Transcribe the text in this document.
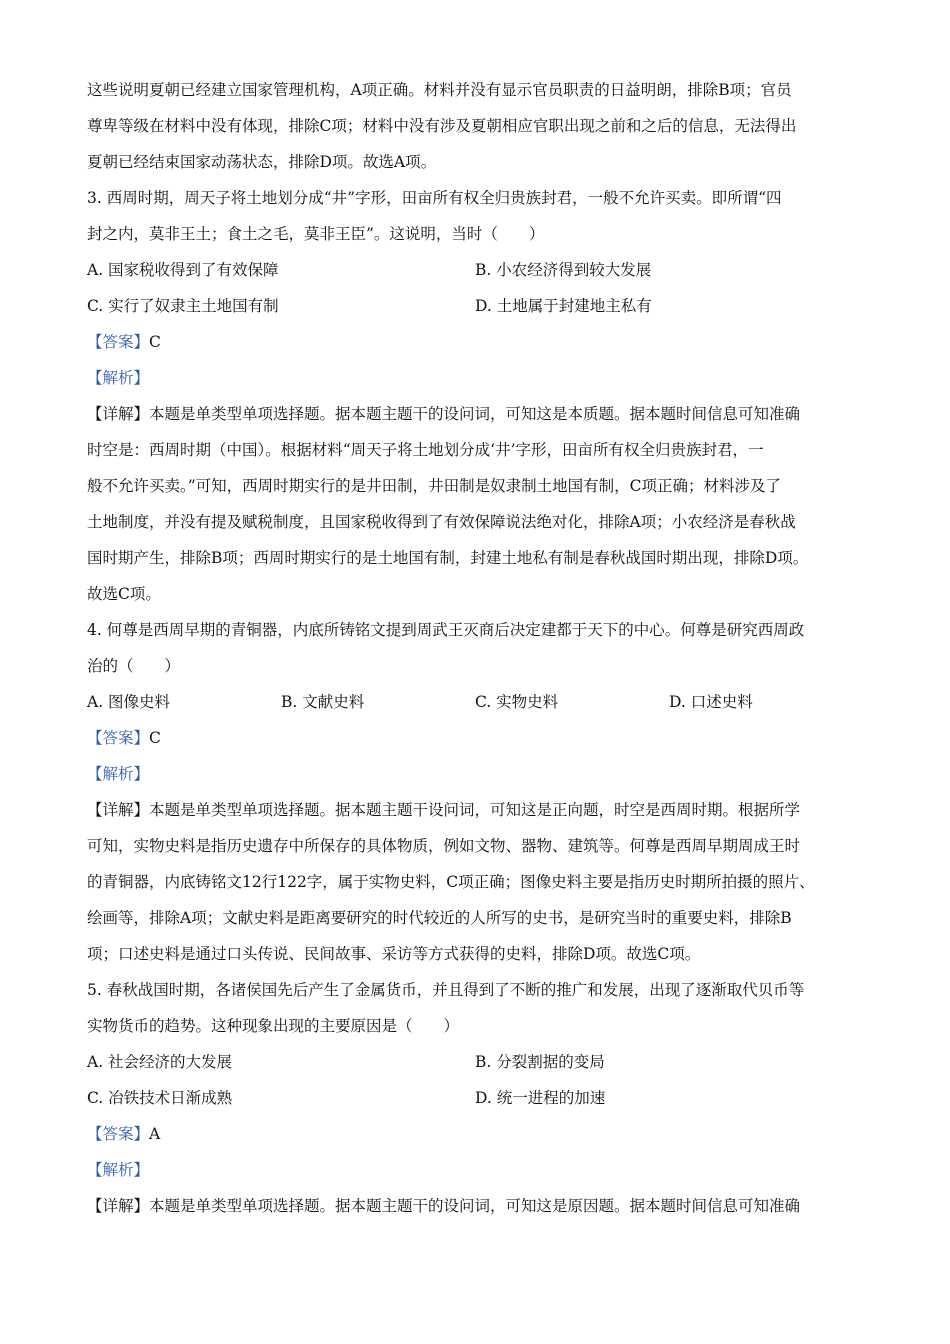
这些说明夏朝已经建立国家管理机构，A项正确。材料并没有显示官员职责的日益明朗，排除B项；官员
尊卑等级在材料中没有体现，排除C项；材料中没有涉及夏朝相应官职出现之前和之后的信息，无法得出
夏朝已经结束国家动荡状态，排除D项。故选A项。
3. 西周时期，周天子将土地划分成“井”字形，田亩所有权全归贵族封君，一般不允许买卖。即所谓“四
封之内，莫非王土；食土之毛，莫非王臣”。这说明，当时（　　）
A. 国家税收得到了有效保障	B. 小农经济得到较大发展
C. 实行了奴隶主土地国有制	D. 土地属于封建地主私有
【答案】C
【解析】
【详解】本题是单类型单项选择题。据本题主题干的设问词，可知这是本质题。据本题时间信息可知准确
时空是：西周时期（中国）。根据材料“周天子将土地划分成‘井’字形，田亩所有权全归贵族封君，一
般不允许买卖。”可知，西周时期实行的是井田制，井田制是奴隶制土地国有制，C项正确；材料涉及了
土地制度，并没有提及赋税制度，且国家税收得到了有效保障说法绝对化，排除A项；小农经济是春秋战
国时期产生，排除B项；西周时期实行的是土地国有制，封建土地私有制是春秋战国时期出现，排除D项。
故选C项。
4. 何尊是西周早期的青铜器，内底所铸铭文提到周武王灭商后决定建都于天下的中心。何尊是研究西周政
治的（　　）
A. 图像史料	B. 文献史料	C. 实物史料	D. 口述史料
【答案】C
【解析】
【详解】本题是单类型单项选择题。据本题主题干设问词，可知这是正向题，时空是西周时期。根据所学
可知，实物史料是指历史遗存中所保存的具体物质，例如文物、器物、建筑等。何尊是西周早期周成王时
的青铜器，内底铸铭文12行122字，属于实物史料，C项正确；图像史料主要是指历史时期所拍摄的照片、
绘画等，排除A项；文献史料是距离要研究的时代较近的人所写的史书，是研究当时的重要史料，排除B
项；口述史料是通过口头传说、民间故事、采访等方式获得的史料，排除D项。故选C项。
5. 春秋战国时期，各诸侯国先后产生了金属货币，并且得到了不断的推广和发展，出现了逐渐取代贝币等
实物货币的趋势。这种现象出现的主要原因是（　　）
A. 社会经济的大发展	B. 分裂割据的变局
C. 冶铁技术日渐成熟	D. 统一进程的加速
【答案】A
【解析】
【详解】本题是单类型单项选择题。据本题主题干的设问词，可知这是原因题。据本题时间信息可知准确
